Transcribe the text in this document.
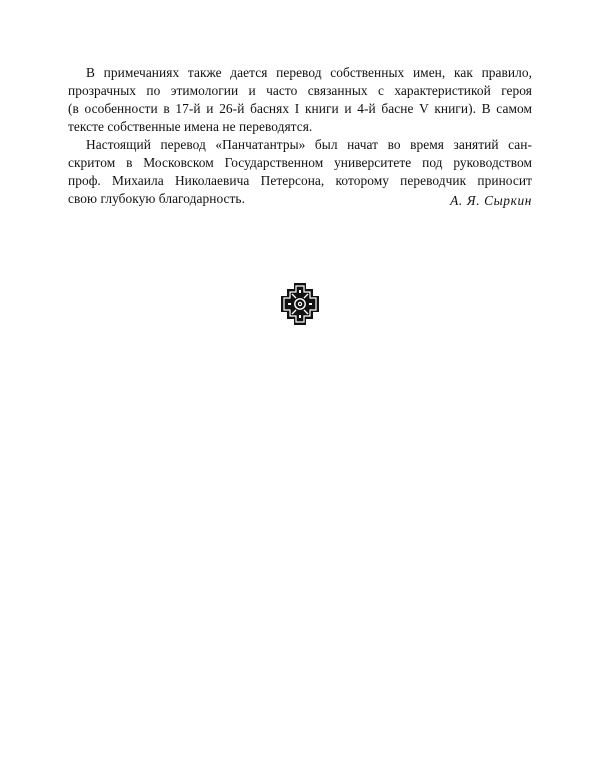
В примечаниях также дается перевод собственных имен, как правило,
прозрачных по этимологии и часто связанных с характеристикой героя
(в особенности в 17-й и 26-й баснях I книги и 4-й басне V книги). В самом
тексте собственные имена не переводятся.
Настоящий перевод «Панчатантры» был начат во время занятий сан-
скритом в Московском Государственном университете под руководством
проф. Михаила Николаевича Петерсона, которому переводчик приносит
свою глубокую благодарность.	А. Я. Сыркин
